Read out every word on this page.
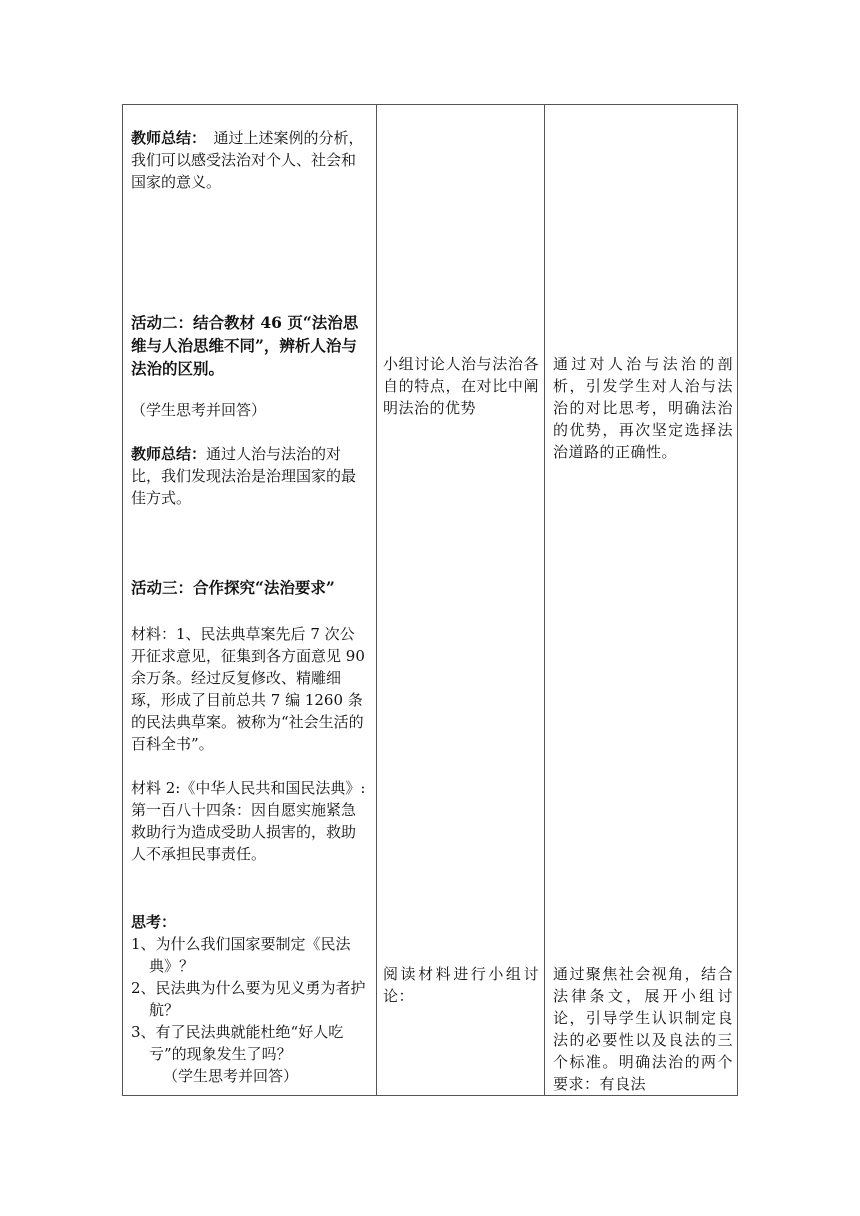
教师总结：　通过上述案例的分析，我们可以感受法治对个人、社会和国家的意义。

活动二：结合教材 46 页“法治思维与人治思维不同”，辨析人治与法治的区别。
（学生思考并回答）

教师总结：通过人治与法治的对比，我们发现法治是治理国家的最佳方式。

活动三：合作探究“法治要求”
材料：1、民法典草案先后 7 次公开征求意见，征集到各方面意见 90 余万条。经过反复修改、精雕细琢，形成了目前总共 7 编 1260 条的民法典草案。被称为“社会生活的百科全书”。
材料 2:《中华人民共和国民法典》:第一百八十四条：因自愿实施紧急救助行为造成受助人损害的，救助人不承担民事责任。
思考：
1、为什么我们国家要制定《民法典》？
2、民法典为什么要为见义勇为者护航？
3、有了民法典就能杜绝“好人吃亏”的现象发生了吗？
（学生思考并回答）
小组讨论人治与法治各自的特点，在对比中阐明法治的优势
阅读材料进行小组讨论：
通过对人治与法治的剖析，引发学生对人治与法治的对比思考，明确法治的优势，再次坚定选择法治道路的正确性。
通过聚焦社会视角，结合法律条文，展开小组讨论，引导学生认识制定良法的必要性以及良法的三个标准。明确法治的两个要求：有良法
